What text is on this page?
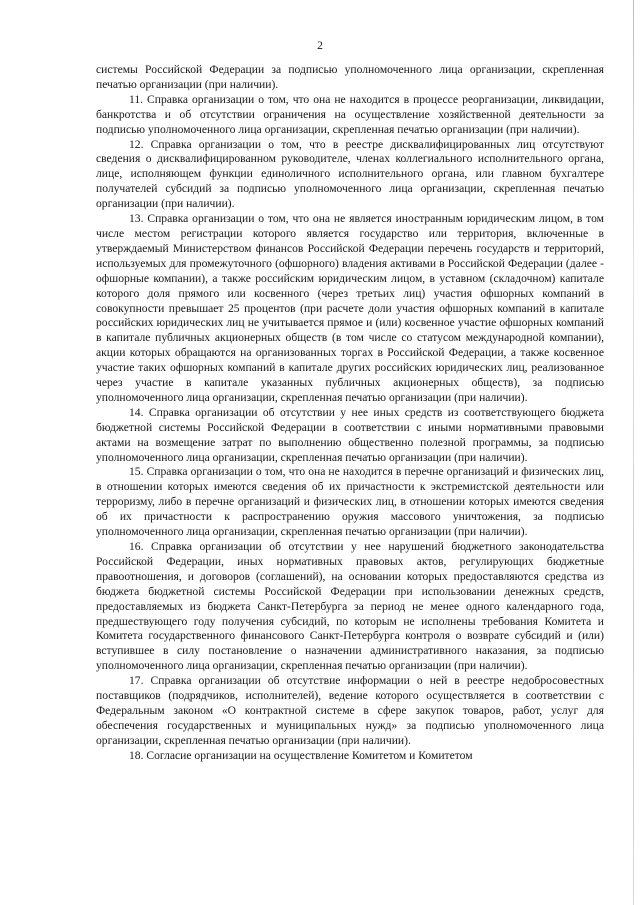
2

системы Российской Федерации за подписью уполномоченного лица организации, скрепленная печатью организации (при наличии).

11. Справка организации о том, что она не находится в процессе реорганизации, ликвидации, банкротства и об отсутствии ограничения на осуществление хозяйственной деятельности за подписью уполномоченного лица организации, скрепленная печатью организации (при наличии).

12. Справка организации о том, что в реестре дисквалифицированных лиц отсутствуют сведения о дисквалифицированном руководителе, членах коллегиального исполнительного органа, лице, исполняющем функции единоличного исполнительного органа, или главном бухгалтере получателей субсидий за подписью уполномоченного лица организации, скрепленная печатью организации (при наличии).

13. Справка организации о том, что она не является иностранным юридическим лицом, в том числе местом регистрации которого является государство или территория, включенные в утверждаемый Министерством финансов Российской Федерации перечень государств и территорий, используемых для промежуточного (офшорного) владения активами в Российской Федерации (далее - офшорные компании), а также российским юридическим лицом, в уставном (складочном) капитале которого доля прямого или косвенного (через третьих лиц) участия офшорных компаний в совокупности превышает 25 процентов (при расчете доли участия офшорных компаний в капитале российских юридических лиц не учитывается прямое и (или) косвенное участие офшорных компаний в капитале публичных акционерных обществ (в том числе со статусом международной компании), акции которых обращаются на организованных торгах в Российской Федерации, а также косвенное участие таких офшорных компаний в капитале других российских юридических лиц, реализованное через участие в капитале указанных публичных акционерных обществ), за подписью уполномоченного лица организации, скрепленная печатью организации (при наличии).

14. Справка организации об отсутствии у нее иных средств из соответствующего бюджета бюджетной системы Российской Федерации в соответствии с иными нормативными правовыми актами на возмещение затрат по выполнению общественно полезной программы, за подписью уполномоченного лица организации, скрепленная печатью организации (при наличии).

15. Справка организации о том, что она не находится в перечне организаций и физических лиц, в отношении которых имеются сведения об их причастности к экстремистской деятельности или терроризму, либо в перечне организаций и физических лиц, в отношении которых имеются сведения об их причастности к распространению оружия массового уничтожения, за подписью уполномоченного лица организации, скрепленная печатью организации (при наличии).

16. Справка организации об отсутствии у нее нарушений бюджетного законодательства Российской Федерации, иных нормативных правовых актов, регулирующих бюджетные правоотношения, и договоров (соглашений), на основании которых предоставляются средства из бюджета бюджетной системы Российской Федерации при использовании денежных средств, предоставляемых из бюджета Санкт-Петербурга за период не менее одного календарного года, предшествующего году получения субсидий, по которым не исполнены требования Комитета и Комитета государственного финансового Санкт-Петербурга контроля о возврате субсидий и (или) вступившее в силу постановление о назначении административного наказания, за подписью уполномоченного лица организации, скрепленная печатью организации (при наличии).

17. Справка организации об отсутствие информации о ней в реестре недобросовестных поставщиков (подрядчиков, исполнителей), ведение которого осуществляется в соответствии с Федеральным законом «О контрактной системе в сфере закупок товаров, работ, услуг для обеспечения государственных и муниципальных нужд» за подписью уполномоченного лица организации, скрепленная печатью организации (при наличии).

18. Согласие организации на осуществление Комитетом и Комитетом
